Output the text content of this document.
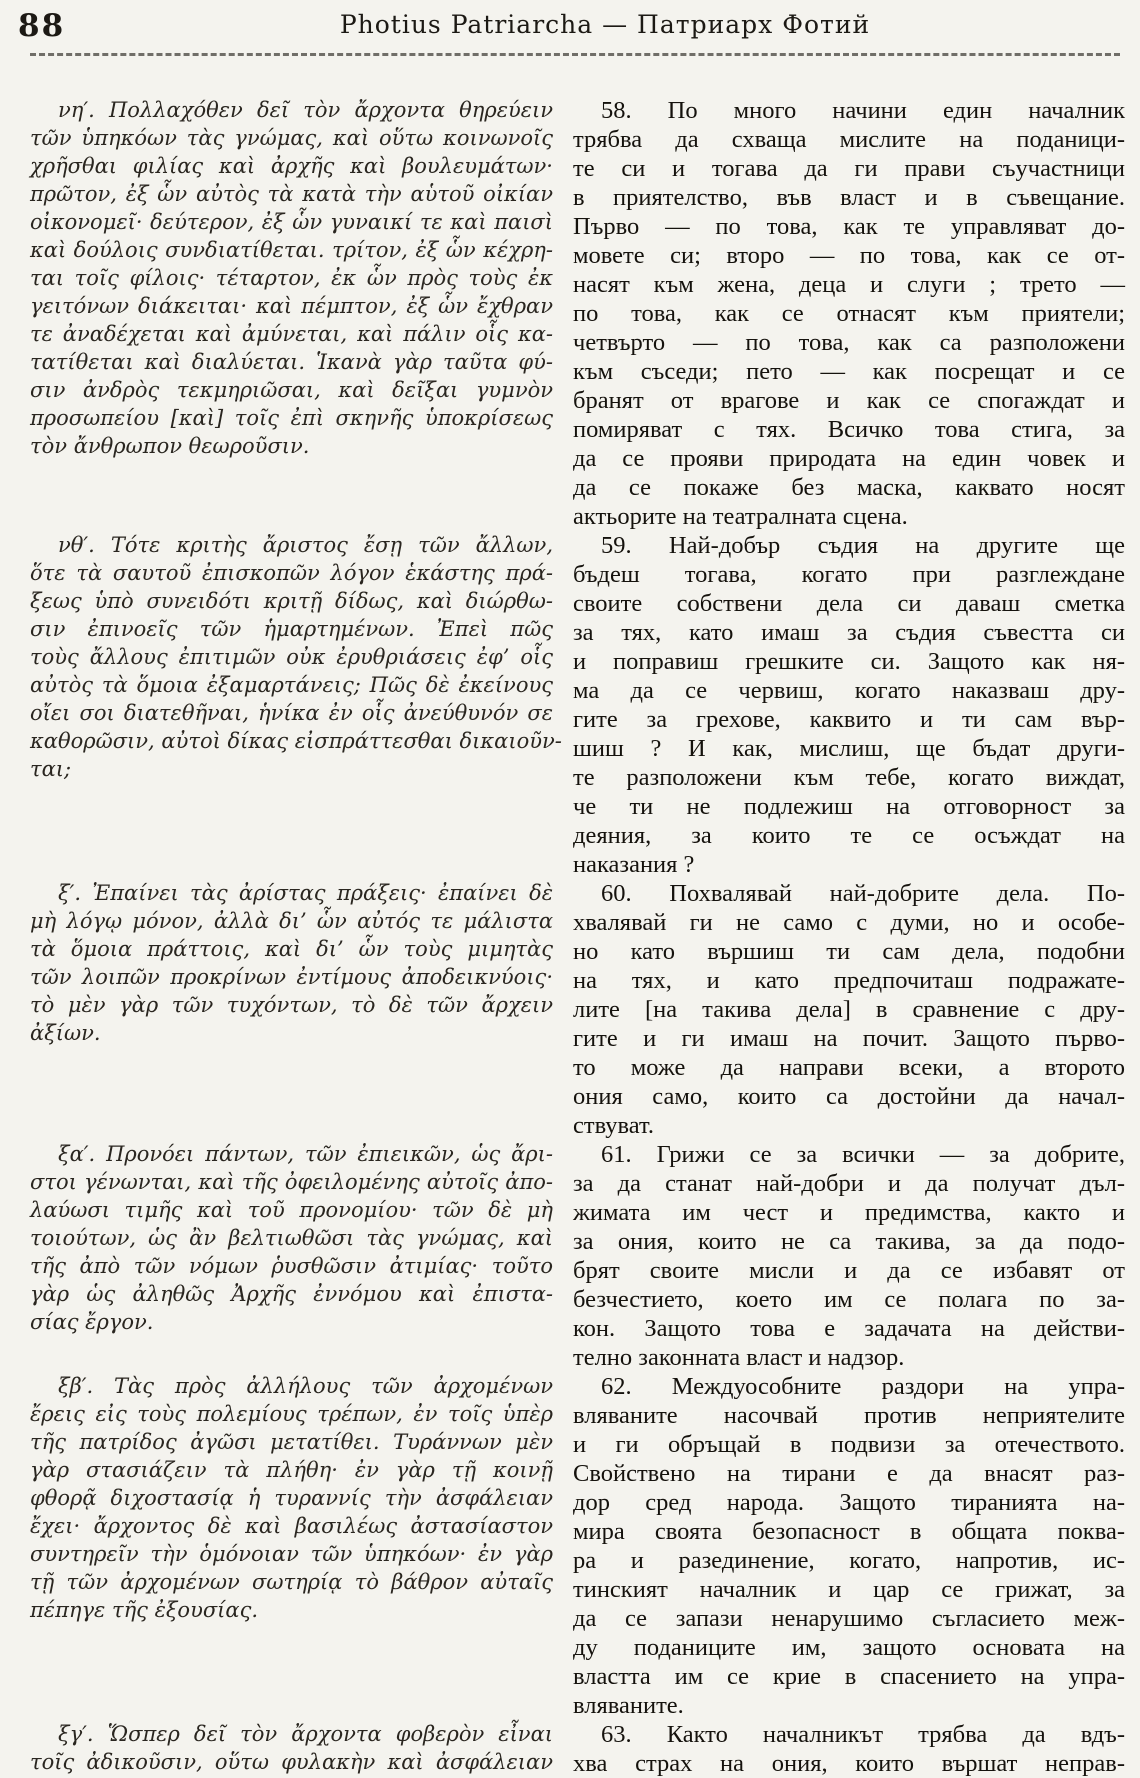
88	Photius Patriarcha — Патриарх Фотий
νη′. Πολλαχόθεν δεῖ τὸν ἄρχοντα θηρεύειν
τῶν ὑπηκόων τὰς γνώμας, καὶ οὕτω κοινωνοῖς
χρῆσθαι φιλίας καὶ ἀρχῆς καὶ βουλευμάτων·
πρῶτον, ἐξ ὧν αὐτὸς τὰ κατὰ τὴν αὑτοῦ οἰκίαν
οἰκονομεῖ· δεύτερον, ἐξ ὧν γυναικί τε καὶ παισὶ
καὶ δούλοις συνδιατίθεται. τρίτον, ἐξ ὧν κέχρη-
ται τοῖς φίλοις· τέταρτον, ἐκ ὧν πρὸς τοὺς ἐκ
γειτόνων διάκειται· καὶ πέμπτον, ἐξ ὧν ἔχθραν
τε ἀναδέχεται καὶ ἀμύνεται, καὶ πάλιν οἷς κα-
τατίθεται καὶ διαλύεται. Ἱκανὰ γὰρ ταῦτα φύ-
σιν ἀνδρὸς τεκμηριῶσαι, καὶ δεῖξαι γυμνὸν
προσωπείου [καὶ] τοῖς ἐπὶ σκηνῆς ὑποκρίσεως
τὸν ἄνθρωπον θεωροῦσιν.
58. По много начини един началник
трябва да схваща мислите на поданици-
те си и тогава да ги прави съучастници
в приятелство, във власт и в съвещание.
Първо — по това, как те управляват до-
мовете си; второ — по това, как се от-
насят към жена, деца и слуги ; трето —
по това, как се отнасят към приятели;
четвърто — по това, как са разположени
към съседи; пето — как посрещат и се
бранят от врагове и как се спогаждат и
помиряват с тях. Всичко това стига, за
да се прояви природата на един човек и
да се покаже без маска, каквато носят
актьорите на театралната сцена.
νθ′. Τότε κριτὴς ἄριστος ἔσῃ τῶν ἄλλων,
ὅτε τὰ σαυτοῦ ἐπισκοπῶν λόγον ἑκάστης πρά-
ξεως ὑπὸ συνειδότι κριτῇ δίδως, καὶ διώρθω-
σιν ἐπινοεῖς τῶν ἡμαρτημένων. Ἐπεὶ πῶς
τοὺς ἄλλους ἐπιτιμῶν οὐκ ἐρυθριάσεις ἐφ’ οἷς
αὐτὸς τὰ ὅμοια ἐξαμαρτάνεις; Πῶς δὲ ἐκείνους
οἴει σοι διατεθῆναι, ἡνίκα ἐν οἷς ἀνεύθυνόν σε
καθορῶσιν, αὐτοὶ δίκας εἰσπράττεσθαι δικαιοῦν-
ται;
59. Най-добър съдия на другите ще
бъдеш тогава, когато при разглеждане
своите собствени дела си даваш сметка
за тях, като имаш за съдия съвестта си
и поправиш грешките си. Защото как ня-
ма да се червиш, когато наказваш дру-
гите за грехове, каквито и ти сам вър-
шиш ? И как, мислиш, ще бъдат други-
те разположени към тебе, когато виждат,
че ти не подлежиш на отговорност за
деяния, за които те се осъждат на
наказания ?
ξ′. Ἐπαίνει τὰς ἀρίστας πράξεις· ἐπαίνει δὲ
μὴ λόγῳ μόνον, ἀλλὰ δι’ ὧν αὐτός τε μάλιστα
τὰ ὅμοια πράττοις, καὶ δι’ ὧν τοὺς μιμητὰς
τῶν λοιπῶν προκρίνων ἐντίμους ἀποδεικνύοις·
τὸ μὲν γὰρ τῶν τυχόντων, τὸ δὲ τῶν ἄρχειν
ἀξίων.
60. Похвалявай най-добрите дела. По-
хвалявай ги не само с думи, но и особе-
но като вършиш ти сам дела, подобни
на тях, и като предпочиташ подражате-
лите [на такива дела] в сравнение с дру-
гите и ги имаш на почит. Защото първо-
то може да направи всеки, а второто
ония само, които са достойни да начал-
ствуват.
ξα′. Προνόει πάντων, τῶν ἐπιεικῶν, ὡς ἄρι-
στοι γένωνται, καὶ τῆς ὀφειλομένης αὐτοῖς ἀπο-
λαύωσι τιμῆς καὶ τοῦ προνομίου· τῶν δὲ μὴ
τοιούτων, ὡς ἂν βελτιωθῶσι τὰς γνώμας, καὶ
τῆς ἀπὸ τῶν νόμων ῥυσθῶσιν ἀτιμίας· τοῦτο
γὰρ ὡς ἀληθῶς Ἀρχῆς ἐννόμου καὶ ἐπιστα-
σίας ἔργον.
61. Грижи се за всички — за добрите,
за да станат най-добри и да получат дъл-
жимата им чест и предимства, както и
за ония, които не са такива, за да подо-
брят своите мисли и да се избавят от
безчестието, което им се полага по за-
кон. Защото това е задачата на действи-
телно законната власт и надзор.
ξβ′. Τὰς πρὸς ἀλλήλους τῶν ἀρχομένων
ἔρεις εἰς τοὺς πολεμίους τρέπων, ἐν τοῖς ὑπὲρ
τῆς πατρίδος ἀγῶσι μετατίθει. Τυράννων μὲν
γὰρ στασιάζειν τὰ πλήθη· ἐν γὰρ τῇ κοινῇ
φθορᾷ διχοστασίᾳ ἡ τυραννίς τὴν ἀσφάλειαν
ἔχει· ἄρχοντος δὲ καὶ βασιλέως ἀστασίαστον
συντηρεῖν τὴν ὁμόνοιαν τῶν ὑπηκόων· ἐν γὰρ
τῇ τῶν ἀρχομένων σωτηρίᾳ τὸ βάθρον αὐταῖς
πέπηγε τῆς ἐξουσίας.
62. Междуособните раздори на упра-
вляваните насочвай против неприятелите
и ги обръщай в подвизи за отечеството.
Свойствено на тирани е да внасят раз-
дор сред народа. Защото тиранията на-
мира своята безопасност в общата поква-
ра и разединение, когато, напротив, ис-
тинският началник и цар се грижат, за
да се запази ненарушимо съгласието меж-
ду поданиците им, защото основата на
властта им се крие в спасението на упра-
вляваните.
ξγ′. Ὥσπερ δεῖ τὸν ἄρχοντα φοβερὸν εἶναι
τοῖς ἀδικοῦσιν, οὕτω φυλακὴν καὶ ἀσφάλειαν
63. Както началникът трябва да вдъ-
хва страх на ония, които вършат неправ-
